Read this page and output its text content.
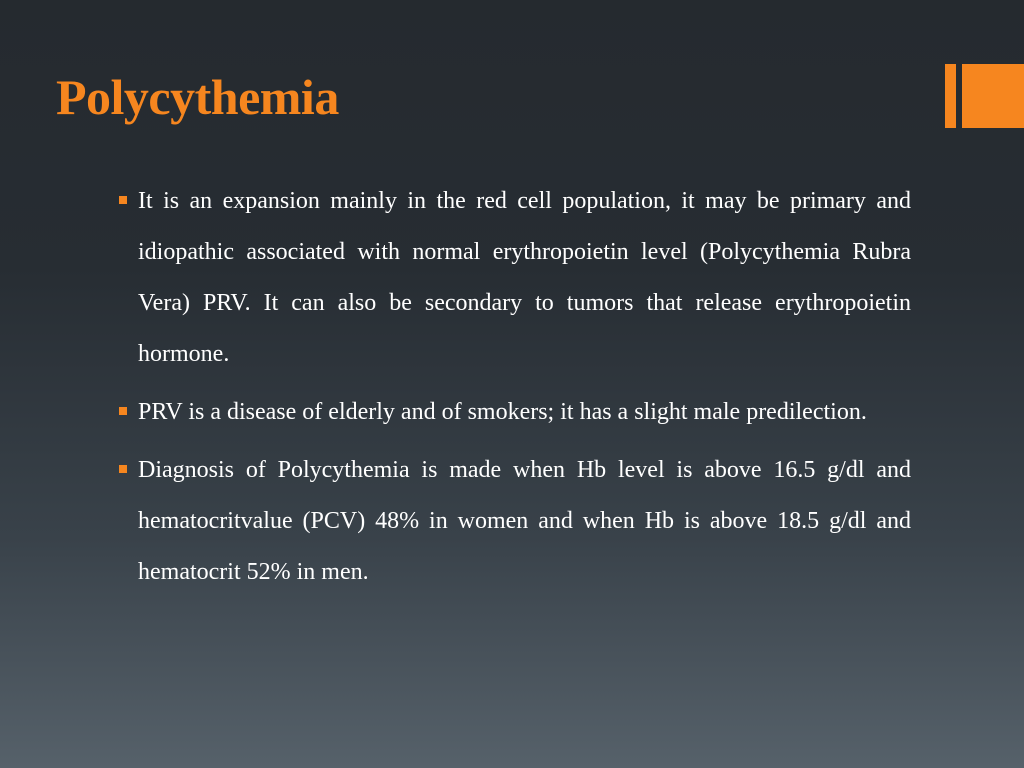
Polycythemia
It is an expansion mainly in the red cell population, it may be primary and idiopathic associated with normal erythropoietin level (Polycythemia Rubra Vera) PRV. It can also be secondary to tumors that release erythropoietin hormone.
PRV is a disease of elderly and of smokers; it has a slight male predilection.
Diagnosis of Polycythemia is made when Hb level is above 16.5 g/dl and hematocritvalue (PCV) 48% in women and when Hb is above 18.5 g/dl and hematocrit 52% in men.
